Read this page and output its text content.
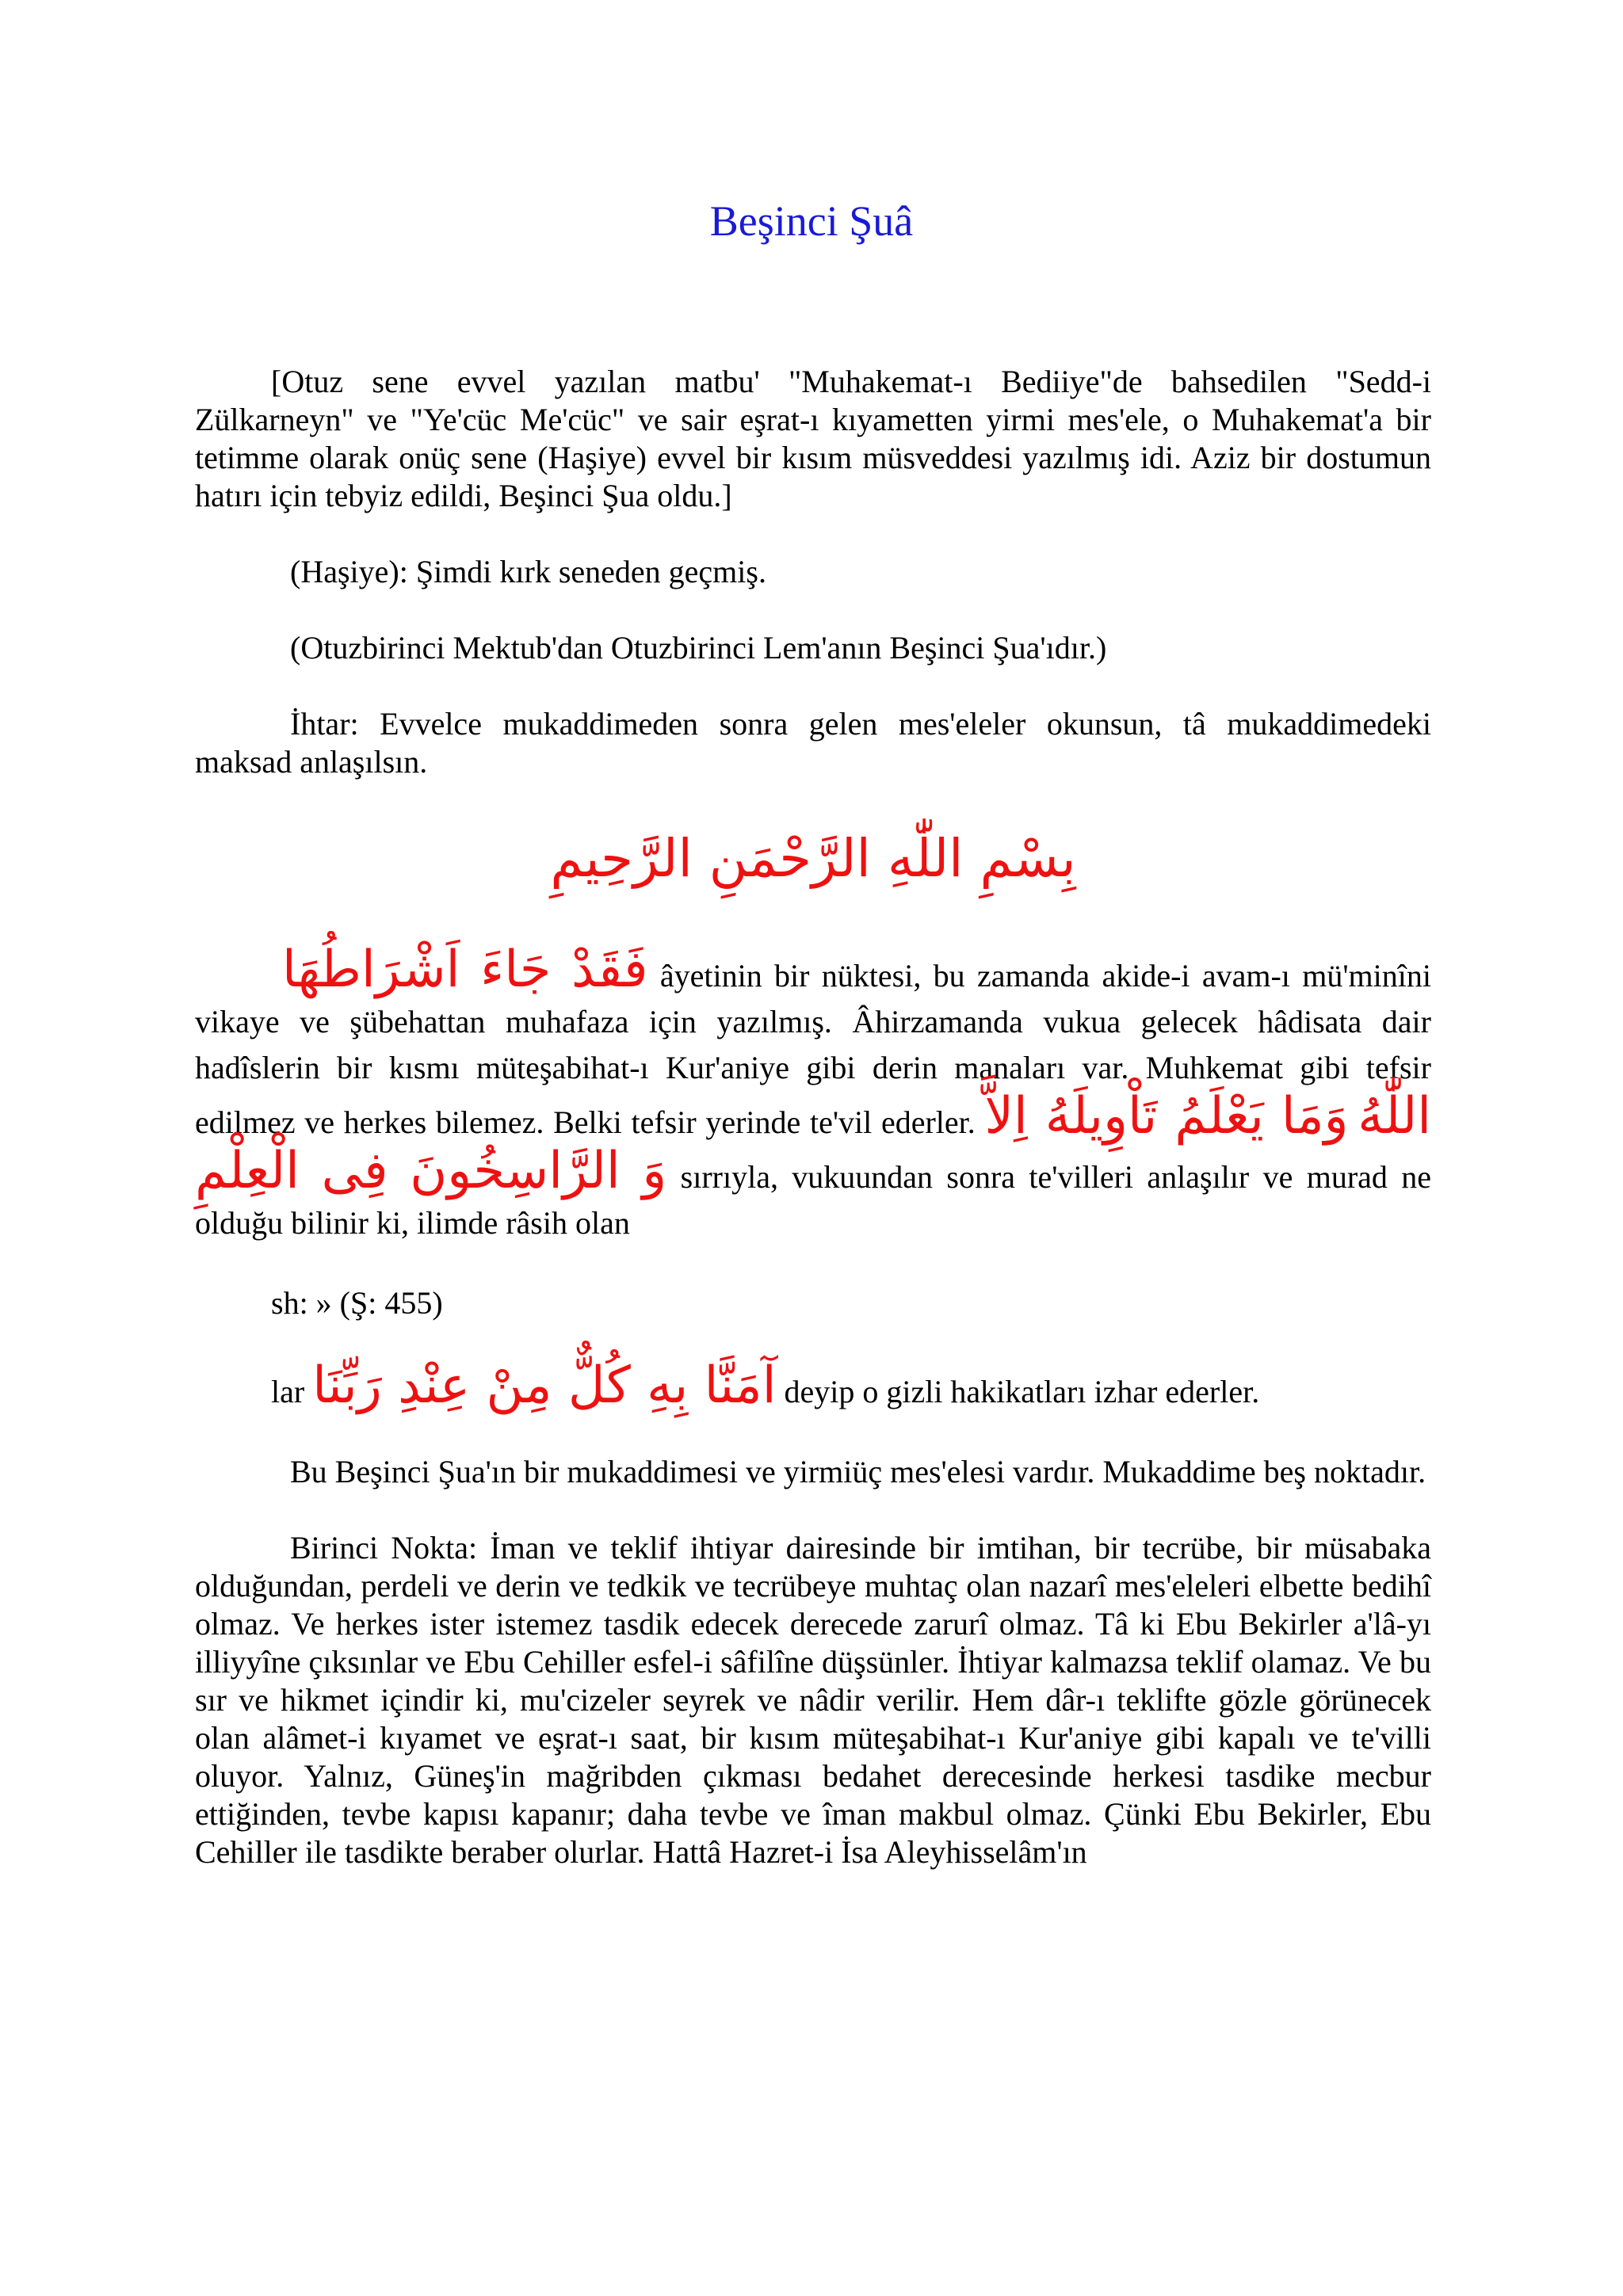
Beşinci Şuâ

[Otuz sene evvel yazılan matbu' "Muhakemat-ı Bediiye"de bahsedilen "Sedd-i Zülkarneyn" ve "Ye'cüc Me'cüc" ve sair eşrat-ı kıyametten yirmi mes'ele, o Muhakemat'a bir tetimme olarak onüç sene (Haşiye) evvel bir kısım müsveddesi yazılmış idi. Aziz bir dostumun hatırı için tebyiz edildi, Beşinci Şua oldu.]

(Haşiye): Şimdi kırk seneden geçmiş.

(Otuzbirinci Mektub'dan Otuzbirinci Lem'anın Beşinci Şua'ıdır.)

İhtar: Evvelce mukaddimeden sonra gelen mes'eleler okunsun, tâ mukaddimedeki maksad anlaşılsın.

بِسْمِ اللّٰهِ الرَّحْمَنِ الرَّحِيمِ

فَقَدْ جَاءَ اَشْرَاطُهَا âyetinin bir nüktesi, bu zamanda akide-i avam-ı mü'minîni vikaye ve şübehattan muhafaza için yazılmış. Âhirzamanda vukua gelecek hâdisata dair hadîslerin bir kısmı müteşabihat-ı Kur'aniye gibi derin manaları var. Muhkemat gibi tefsir edilmez ve herkes bilemez. Belki tefsir yerinde te'vil ederler. وَمَا يَعْلَمُ تَاْوِيلَهُ اِلاَّ اللّٰهُ وَ الرَّاسِخُونَ فِى الْعِلْمِ sırrıyla, vukuundan sonra te'villeri anlaşılır ve murad ne olduğu bilinir ki, ilimde râsih olan

sh: » (Ş: 455)

lar آمَنَّا بِهِ كُلٌّ مِنْ عِنْدِ رَبِّنَا deyip o gizli hakikatları izhar ederler.

Bu Beşinci Şua'ın bir mukaddimesi ve yirmiüç mes'elesi vardır. Mukaddime beş noktadır.

Birinci Nokta: İman ve teklif ihtiyar dairesinde bir imtihan, bir tecrübe, bir müsabaka olduğundan, perdeli ve derin ve tedkik ve tecrübeye muhtaç olan nazarî mes'eleleri elbette bedihî olmaz. Ve herkes ister istemez tasdik edecek derecede zarurî olmaz. Tâ ki Ebu Bekirler a'lâ-yı illiyyîne çıksınlar ve Ebu Cehiller esfel-i sâfilîne düşsünler. İhtiyar kalmazsa teklif olamaz. Ve bu sır ve hikmet içindir ki, mu'cizeler seyrek ve nâdir verilir. Hem dâr-ı teklifte gözle görünecek olan alâmet-i kıyamet ve eşrat-ı saat, bir kısım müteşabihat-ı Kur'aniye gibi kapalı ve te'villi oluyor. Yalnız, Güneş'in mağribden çıkması bedahet derecesinde herkesi tasdike mecbur ettiğinden, tevbe kapısı kapanır; daha tevbe ve îman makbul olmaz. Çünki Ebu Bekirler, Ebu Cehiller ile tasdikte beraber olurlar. Hattâ Hazret-i İsa Aleyhisselâm'ın
